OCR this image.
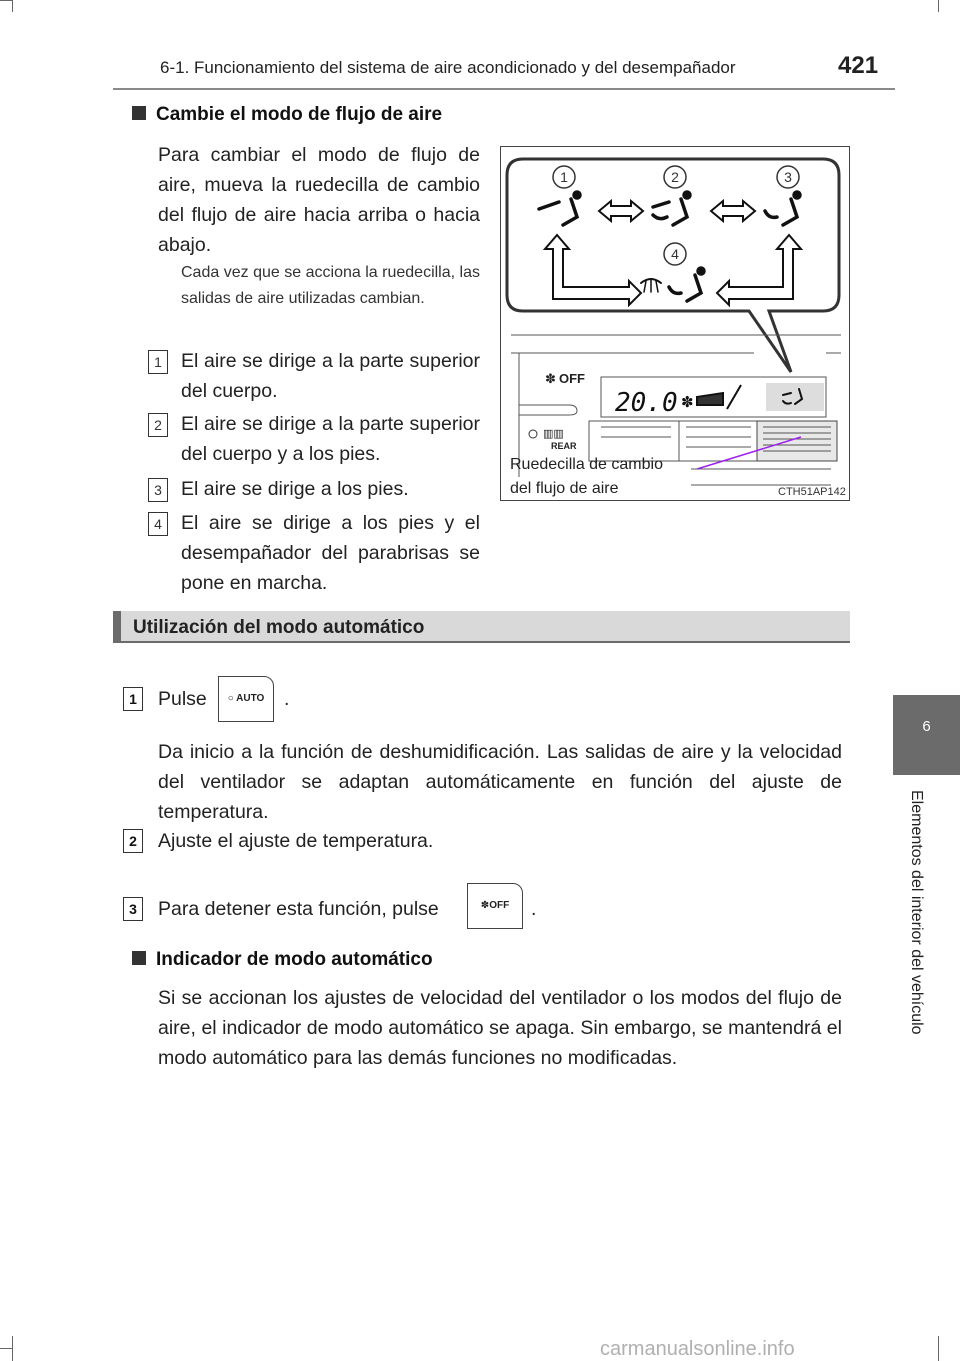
6-1. Funcionamiento del sistema de aire acondicionado y del desempañador	421
6
Elementos del interior del vehículo
Cambie el modo de flujo de aire
Para cambiar el modo de flujo de aire, mueva la ruedecilla de cambio del flujo de aire hacia arriba o hacia abajo.
Cada vez que se acciona la ruedecilla, las salidas de aire utilizadas cambian.
1 El aire se dirige a la parte superior del cuerpo.
2 El aire se dirige a la parte superior del cuerpo y a los pies.
3 El aire se dirige a los pies.
4 El aire se dirige a los pies y el desempañador del parabrisas se pone en marcha.
1	2	3
4
OFF
✽
20.0 ✽
▥▥
REAR
Ruedecilla de cambio del flujo de aire	CTH51AP142
Utilización del modo automático
1	Pulse	○ AUTO	.
Da inicio a la función de deshumidificación. Las salidas de aire y la velocidad del ventilador se adaptan automáticamente en función del ajuste de temperatura.
2	Ajuste el ajuste de temperatura.
3	Para detener esta función, pulse	✽OFF	.
Indicador de modo automático
Si se accionan los ajustes de velocidad del ventilador o los modos del flujo de aire, el indicador de modo automático se apaga. Sin embargo, se mantendrá el modo automático para las demás funciones no modificadas.
carmanualsonline.info
